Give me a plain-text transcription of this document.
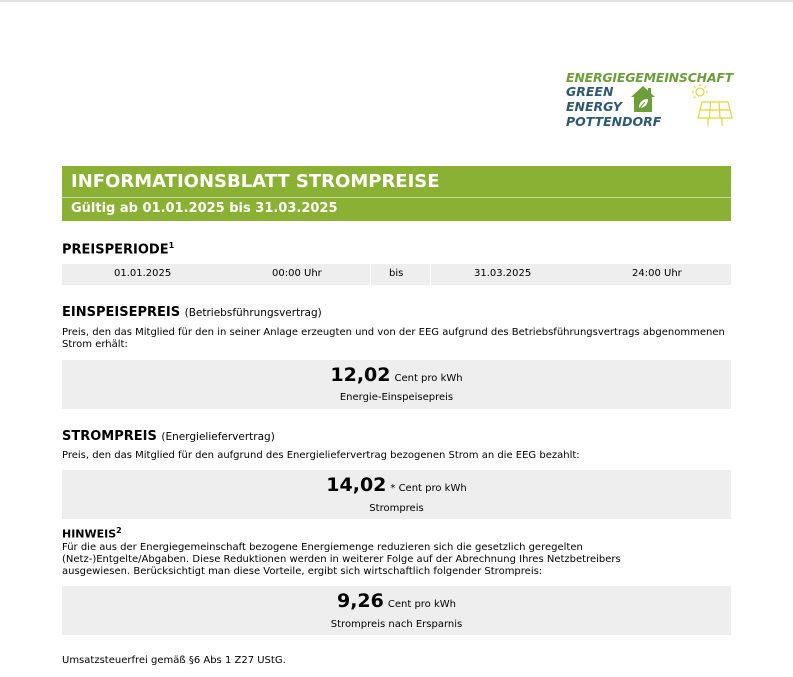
ENERGIEGEMEINSCHAFT
GREEN
ENERGY
POTTENDORF
INFORMATIONSBLATT STROMPREISE
Gültig ab 01.01.2025 bis 31.03.2025
PREISPERIODE$^1$
01.01.2025	00:00 Uhr	bis	31.03.2025	24:00 Uhr
EINSPEISEPREIS (Betriebsführungsvertrag)
Preis, den das Mitglied für den in seiner Anlage erzeugten und von der EEG aufgrund des Betriebsführungsvertrags abgenommenen Strom erhält:
12,02 Cent pro kWh
Energie-Einspeisepreis
STROMPREIS (Energieliefervertrag)
Preis, den das Mitglied für den aufgrund des Energieliefervertrag bezogenen Strom an die EEG bezahlt:
14,02 * Cent pro kWh
Strompreis
HINWEIS$^2$
Für die aus der Energiegemeinschaft bezogene Energiemenge reduzieren sich die gesetzlich geregelten (Netz-)Entgelte/Abgaben. Diese Reduktionen werden in weiterer Folge auf der Abrechnung Ihres Netzbetreibers ausgewiesen. Berücksichtigt man diese Vorteile, ergibt sich wirtschaftlich folgender Strompreis:
9,26 Cent pro kWh
Strompreis nach Ersparnis
Umsatzsteuerfrei gemäß §6 Abs 1 Z27 UStG.
